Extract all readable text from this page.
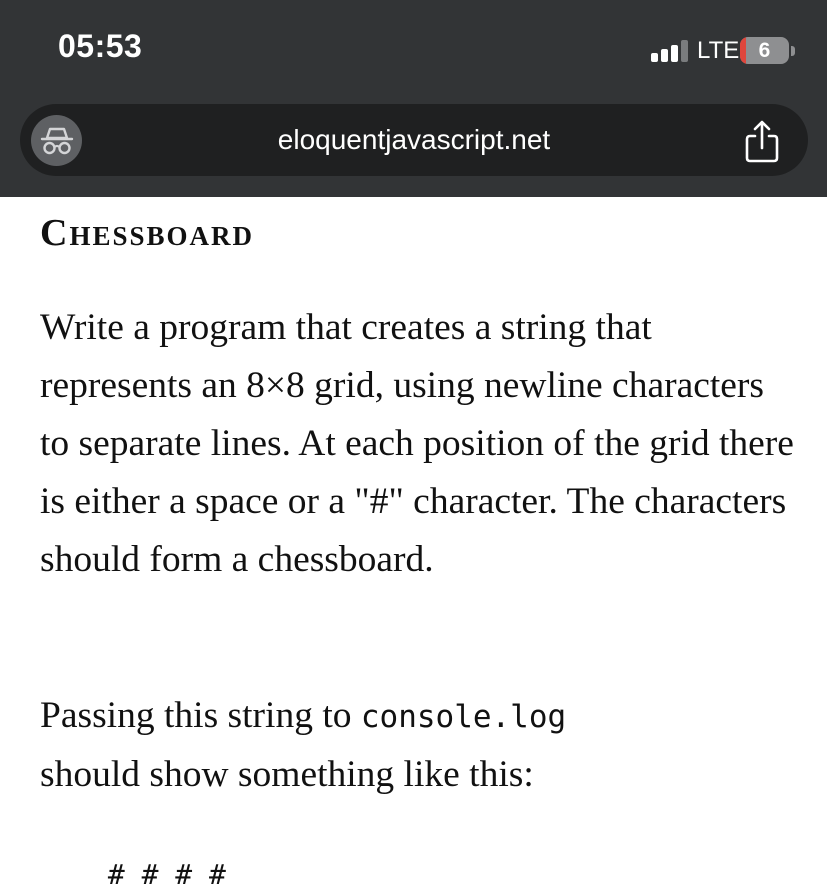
05:53	LTE 6
eloquentjavascript.net
Chessboard

Write a program that creates a string that represents an 8×8 grid, using newline characters to separate lines. At each position of the grid there is either a space or a "#" character. The characters should form a chessboard.

Passing this string to console.log
should show something like this:

# # # #
